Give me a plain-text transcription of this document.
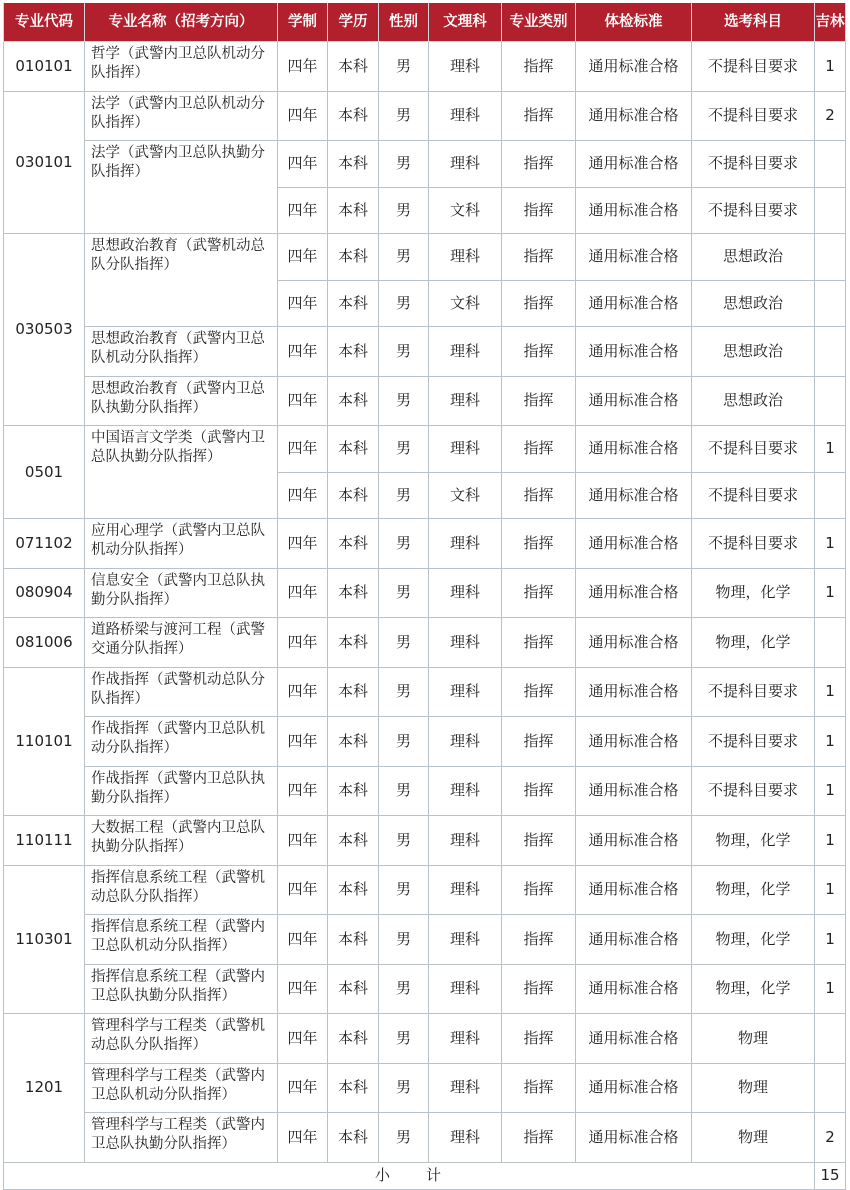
专业代码	专业名称（招考方向）	学制	学历	性别	文理科	专业类别	体检标准	选考科目	吉林
010101	哲学（武警内卫总队机动分队指挥）	四年	本科	男	理科	指挥	通用标准合格	不提科目要求	1
030101	法学（武警内卫总队机动分队指挥）	四年	本科	男	理科	指挥	通用标准合格	不提科目要求	2
	法学（武警内卫总队执勤分队指挥）	四年	本科	男	理科	指挥	通用标准合格	不提科目要求	
		四年	本科	男	文科	指挥	通用标准合格	不提科目要求	
030503	思想政治教育（武警机动总队分队指挥）	四年	本科	男	理科	指挥	通用标准合格	思想政治	
		四年	本科	男	文科	指挥	通用标准合格	思想政治	
	思想政治教育（武警内卫总队机动分队指挥）	四年	本科	男	理科	指挥	通用标准合格	思想政治	
	思想政治教育（武警内卫总队执勤分队指挥）	四年	本科	男	理科	指挥	通用标准合格	思想政治	
0501	中国语言文学类（武警内卫总队执勤分队指挥）	四年	本科	男	理科	指挥	通用标准合格	不提科目要求	1
		四年	本科	男	文科	指挥	通用标准合格	不提科目要求	
071102	应用心理学（武警内卫总队机动分队指挥）	四年	本科	男	理科	指挥	通用标准合格	不提科目要求	1
080904	信息安全（武警内卫总队执勤分队指挥）	四年	本科	男	理科	指挥	通用标准合格	物理，化学	1
081006	道路桥梁与渡河工程（武警交通分队指挥）	四年	本科	男	理科	指挥	通用标准合格	物理，化学	
110101	作战指挥（武警机动总队分队指挥）	四年	本科	男	理科	指挥	通用标准合格	不提科目要求	1
	作战指挥（武警内卫总队机动分队指挥）	四年	本科	男	理科	指挥	通用标准合格	不提科目要求	1
	作战指挥（武警内卫总队执勤分队指挥）	四年	本科	男	理科	指挥	通用标准合格	不提科目要求	1
110111	大数据工程（武警内卫总队执勤分队指挥）	四年	本科	男	理科	指挥	通用标准合格	物理，化学	1
110301	指挥信息系统工程（武警机动总队分队指挥）	四年	本科	男	理科	指挥	通用标准合格	物理，化学	1
	指挥信息系统工程（武警内卫总队机动分队指挥）	四年	本科	男	理科	指挥	通用标准合格	物理，化学	1
	指挥信息系统工程（武警内卫总队执勤分队指挥）	四年	本科	男	理科	指挥	通用标准合格	物理，化学	1
1201	管理科学与工程类（武警机动总队分队指挥）	四年	本科	男	理科	指挥	通用标准合格	物理	
	管理科学与工程类（武警内卫总队机动分队指挥）	四年	本科	男	理科	指挥	通用标准合格	物理	
	管理科学与工程类（武警内卫总队执勤分队指挥）	四年	本科	男	理科	指挥	通用标准合格	物理	2
小　　计									15
